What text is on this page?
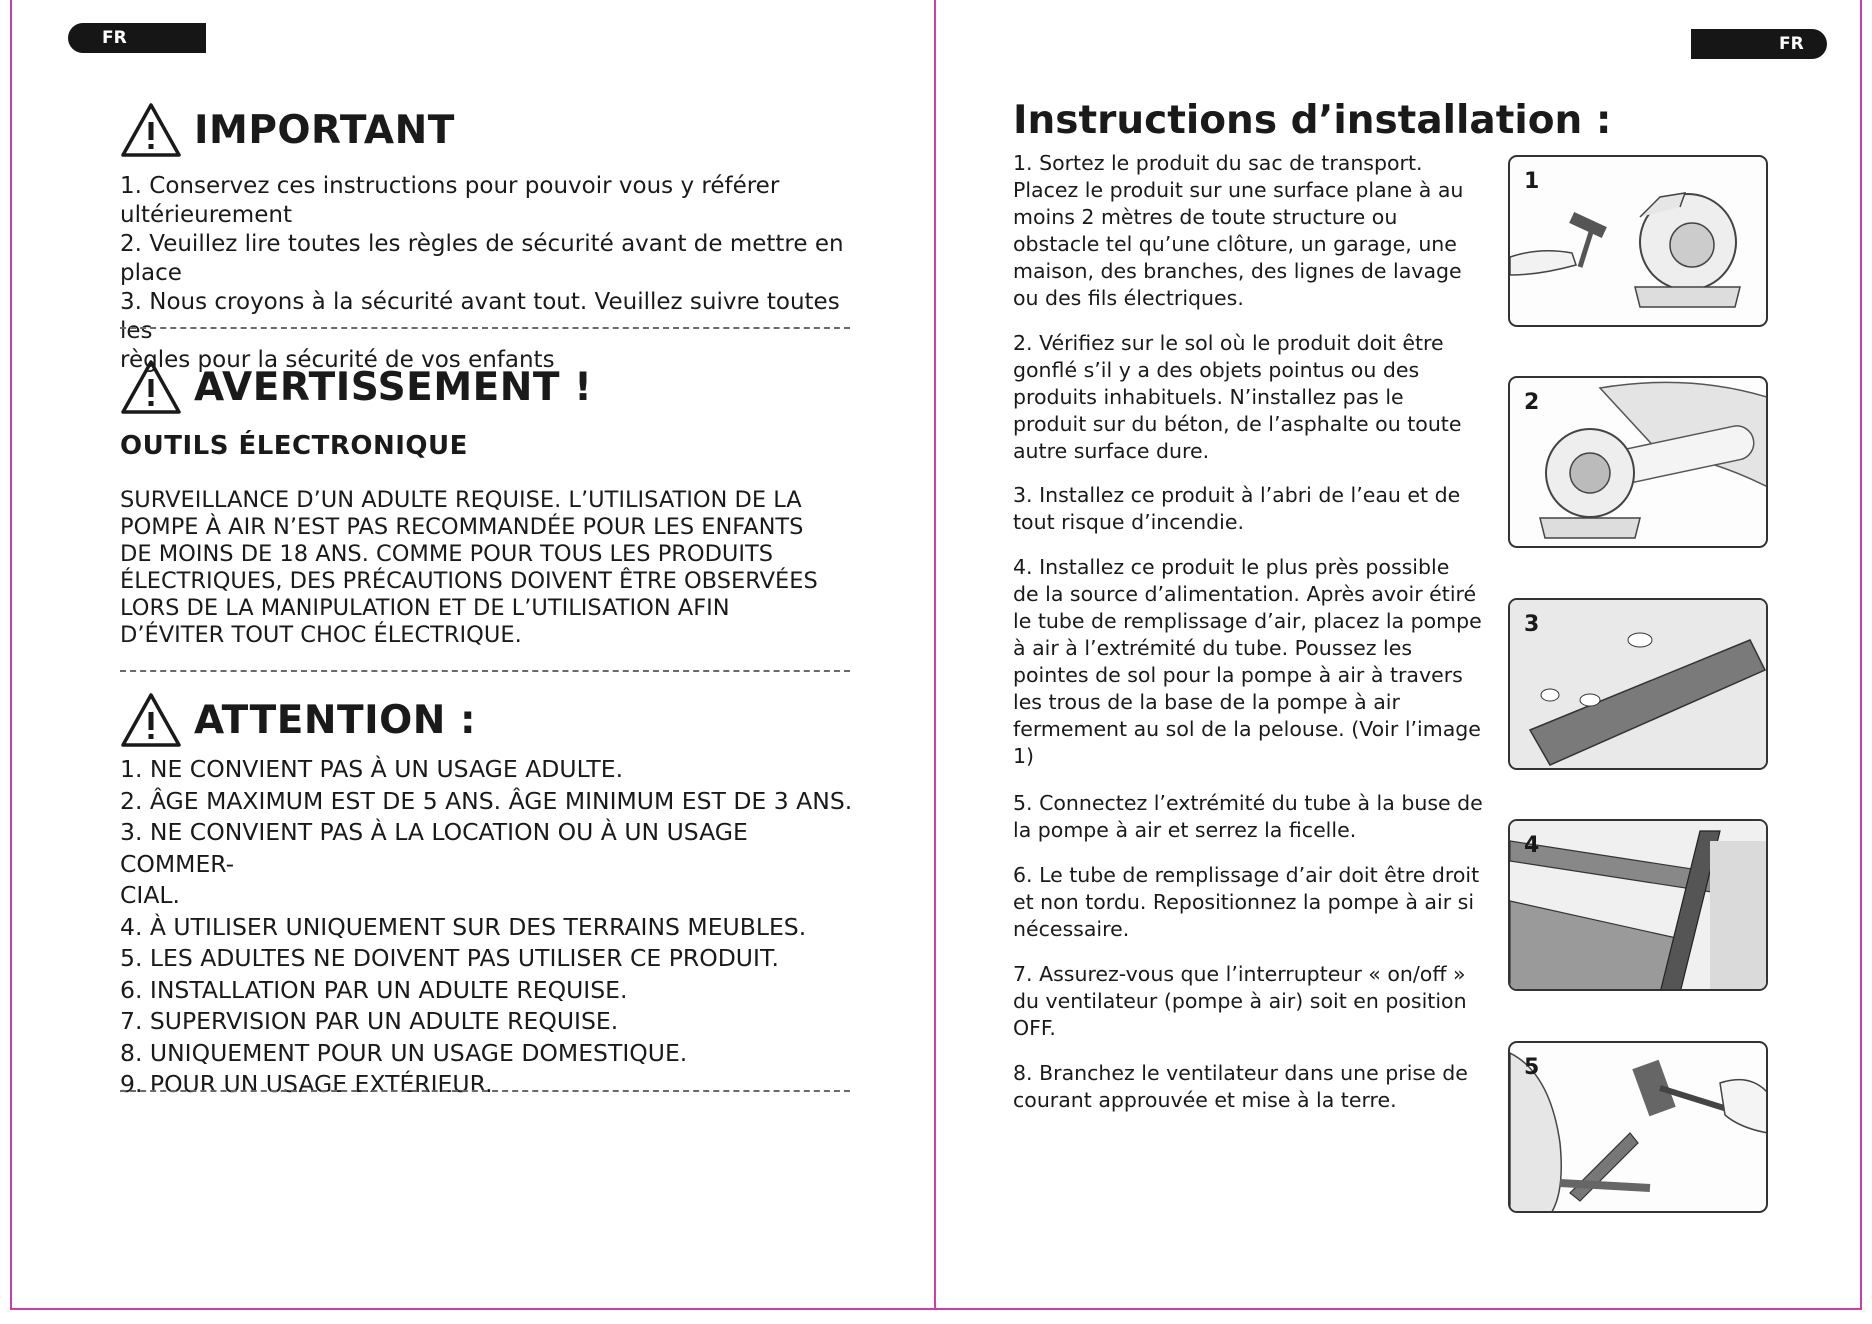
FR	FR
IMPORTANT
1. Conservez ces instructions pour pouvoir vous y référer
ultérieurement
2. Veuillez lire toutes les règles de sécurité avant de mettre en place
3. Nous croyons à la sécurité avant tout. Veuillez suivre toutes les
règles pour la sécurité de vos enfants
AVERTISSEMENT !
OUTILS ÉLECTRONIQUE
SURVEILLANCE D’UN ADULTE REQUISE. L’UTILISATION DE LA
POMPE À AIR N’EST PAS RECOMMANDÉE POUR LES ENFANTS
DE MOINS DE 18 ANS. COMME POUR TOUS LES PRODUITS
ÉLECTRIQUES, DES PRÉCAUTIONS DOIVENT ÊTRE OBSERVÉES
LORS DE LA MANIPULATION ET DE L’UTILISATION AFIN
D’ÉVITER TOUT CHOC ÉLECTRIQUE.
ATTENTION :
1. NE CONVIENT PAS À UN USAGE ADULTE.
2. ÂGE MAXIMUM EST DE 5 ANS. ÂGE MINIMUM EST DE 3 ANS.
3. NE CONVIENT PAS À LA LOCATION OU À UN USAGE COMMER-
CIAL.
4. À UTILISER UNIQUEMENT SUR DES TERRAINS MEUBLES.
5. LES ADULTES NE DOIVENT PAS UTILISER CE PRODUIT.
6. INSTALLATION PAR UN ADULTE REQUISE.
7. SUPERVISION PAR UN ADULTE REQUISE.
8. UNIQUEMENT POUR UN USAGE DOMESTIQUE.
9. POUR UN USAGE EXTÉRIEUR.
Instructions d’installation :
1. Sortez le produit du sac de transport.
Placez le produit sur une surface plane à au
moins 2 mètres de toute structure ou
obstacle tel qu’une clôture, un garage, une
maison, des branches, des lignes de lavage
ou des fils électriques.
2. Vérifiez sur le sol où le produit doit être
gonflé s’il y a des objets pointus ou des
produits inhabituels. N’installez pas le
produit sur du béton, de l’asphalte ou toute
autre surface dure.
3. Installez ce produit à l’abri de l’eau et de
tout risque d’incendie.
4. Installez ce produit le plus près possible
de la source d’alimentation. Après avoir étiré
le tube de remplissage d’air, placez la pompe
à air à l’extrémité du tube. Poussez les
pointes de sol pour la pompe à air à travers
les trous de la base de la pompe à air
fermement au sol de la pelouse. (Voir l’image
1)
5. Connectez l’extrémité du tube à la buse de
la pompe à air et serrez la ficelle.
6. Le tube de remplissage d’air doit être droit
et non tordu. Repositionnez la pompe à air si
nécessaire.
7. Assurez-vous que l’interrupteur « on/off »
du ventilateur (pompe à air) soit en position
OFF.
8. Branchez le ventilateur dans une prise de
courant approuvée et mise à la terre.
1
2
3
4
5
